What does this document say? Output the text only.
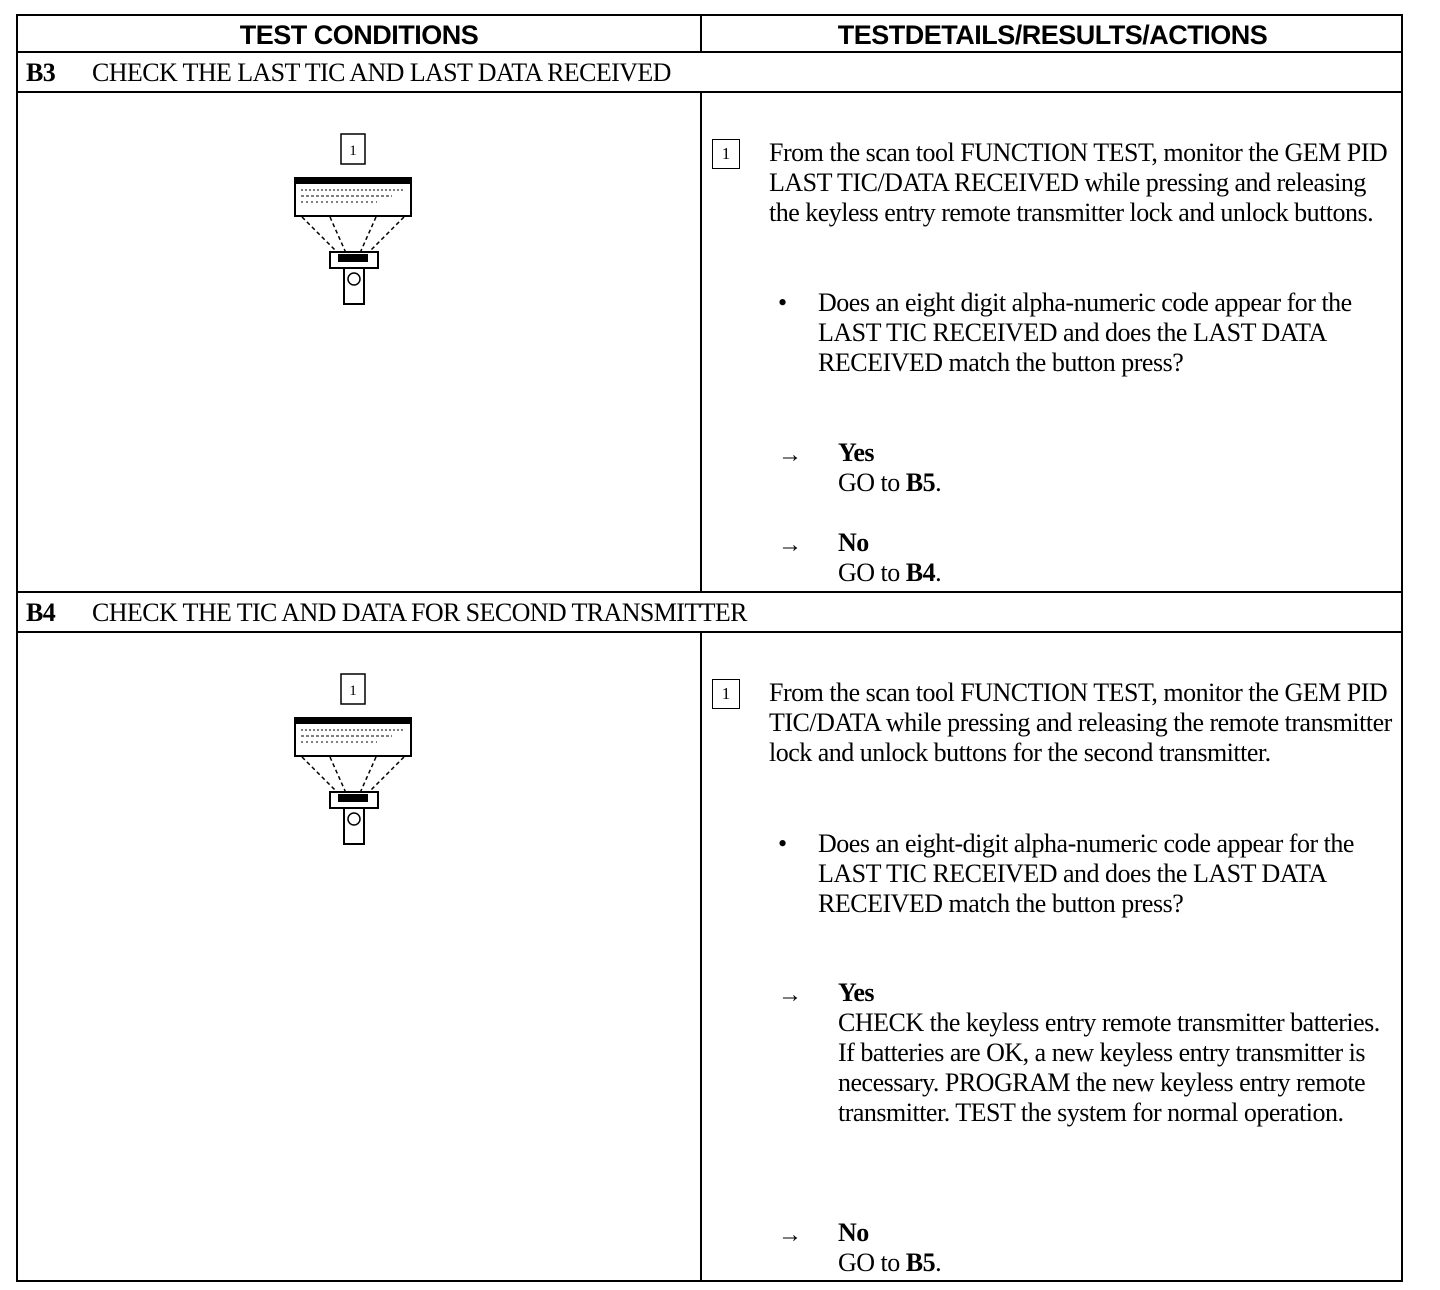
TEST CONDITIONS	TESTDETAILS/RESULTS/ACTIONS
B3 CHECK THE LAST TIC AND LAST DATA RECEIVED
1	1	From the scan tool FUNCTION TEST, monitor the GEM PID LAST TIC/DATA RECEIVED while pressing and releasing the keyless entry remote transmitter lock and unlock buttons.
• Does an eight digit alpha-numeric code appear for the LAST TIC RECEIVED and does the LAST DATA RECEIVED match the button press?
→ Yes
GO to B5.
→ No
GO to B4.
B4 CHECK THE TIC AND DATA FOR SECOND TRANSMITTER
1	1	From the scan tool FUNCTION TEST, monitor the GEM PID TIC/DATA while pressing and releasing the remote transmitter lock and unlock buttons for the second transmitter.
• Does an eight-digit alpha-numeric code appear for the LAST TIC RECEIVED and does the LAST DATA RECEIVED match the button press?
→ Yes
CHECK the keyless entry remote transmitter batteries. If batteries are OK, a new keyless entry transmitter is necessary. PROGRAM the new keyless entry remote transmitter. TEST the system for normal operation.
→ No
GO to B5.
